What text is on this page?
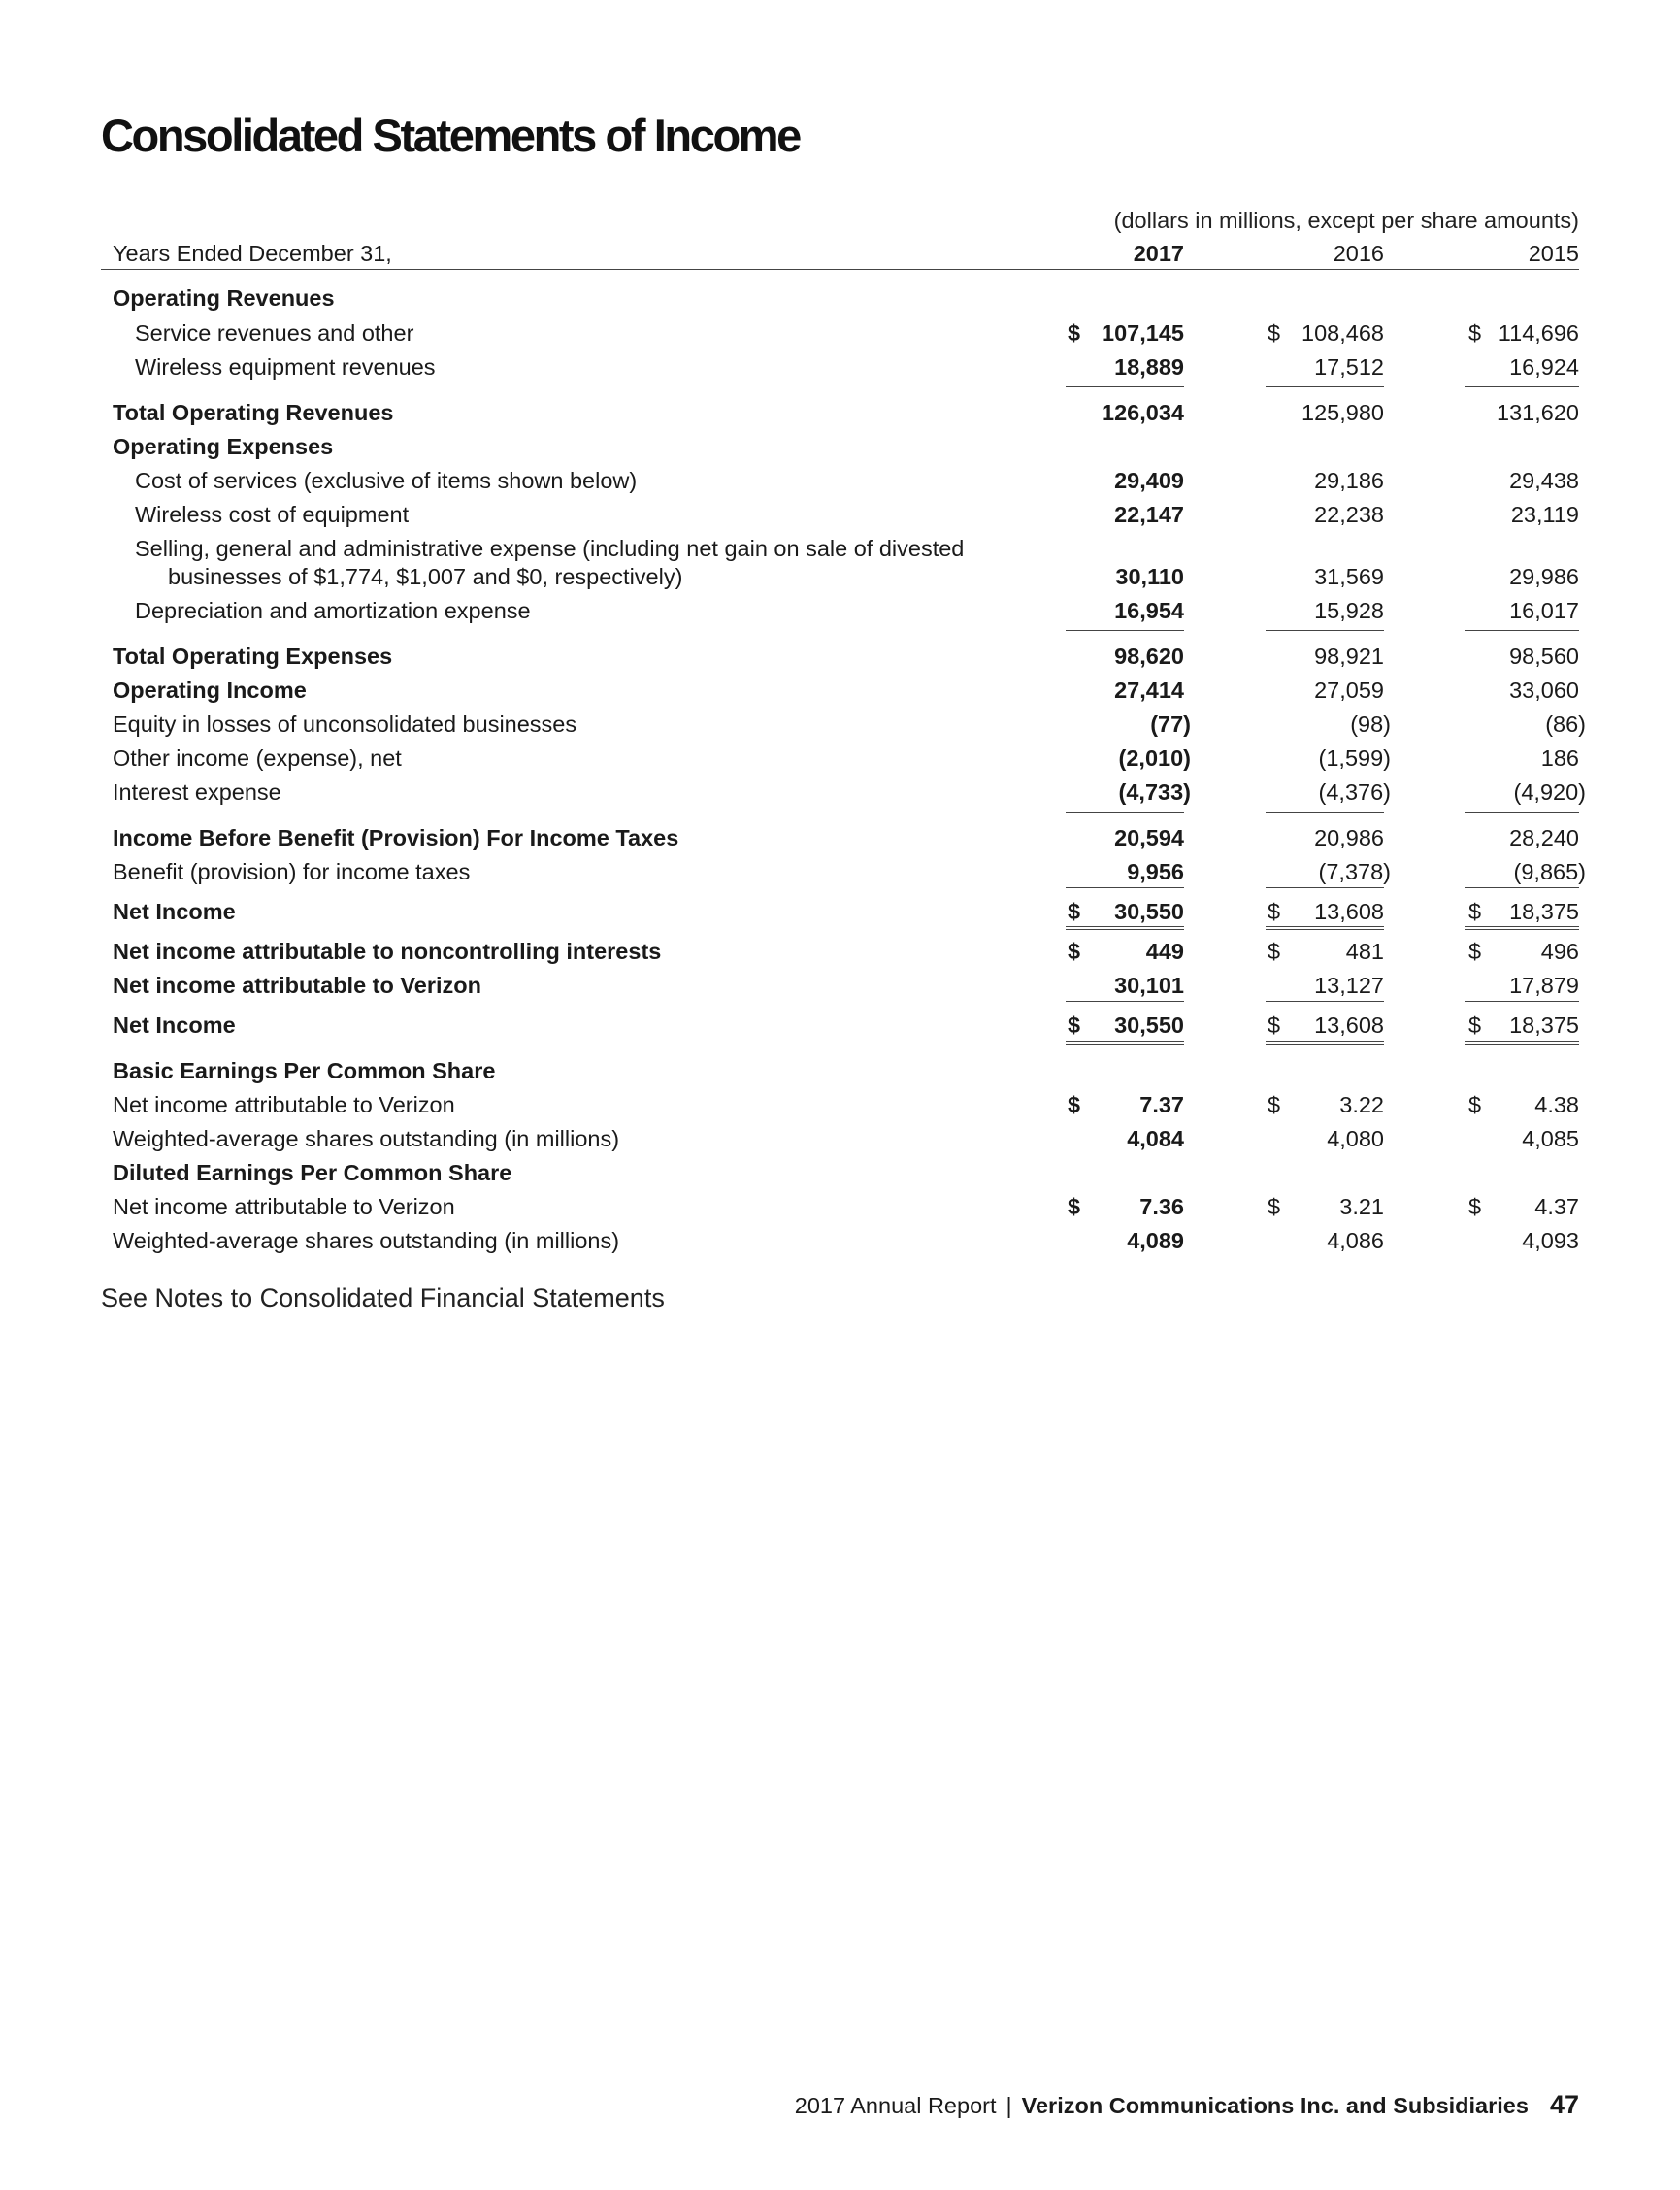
Consolidated Statements of Income
(dollars in millions, except per share amounts)
Years Ended December 31,	2017	2016	2015
Operating Revenues
Service revenues and other	$ 107,145	$ 108,468	$ 114,696
Wireless equipment revenues	18,889	17,512	16,924
Total Operating Revenues	126,034	125,980	131,620
Operating Expenses
Cost of services (exclusive of items shown below)	29,409	29,186	29,438
Wireless cost of equipment	22,147	22,238	23,119
Selling, general and administrative expense (including net gain on sale of divested
businesses of $1,774, $1,007 and $0, respectively)	30,110	31,569	29,986
Depreciation and amortization expense	16,954	15,928	16,017
Total Operating Expenses	98,620	98,921	98,560
Operating Income	27,414	27,059	33,060
Equity in losses of unconsolidated businesses	(77)	(98)	(86)
Other income (expense), net	(2,010)	(1,599)	186
Interest expense	(4,733)	(4,376)	(4,920)
Income Before Benefit (Provision) For Income Taxes	20,594	20,986	28,240
Benefit (provision) for income taxes	9,956	(7,378)	(9,865)
Net Income	$ 30,550	$ 13,608	$ 18,375
Net income attributable to noncontrolling interests	$	449	$	481	$	496
Net income attributable to Verizon	30,101	13,127	17,879
Net Income	$ 30,550	$ 13,608	$ 18,375
Basic Earnings Per Common Share
Net income attributable to Verizon	$	7.37	$	3.22	$ 4.38
Weighted-average shares outstanding (in millions)	4,084	4,080	4,085
Diluted Earnings Per Common Share
Net income attributable to Verizon	$	7.36	$	3.21	$ 4.37
Weighted-average shares outstanding (in millions)	4,089	4,086	4,093
See Notes to Consolidated Financial Statements
2017 Annual Report | Verizon Communications Inc. and Subsidiaries 47
